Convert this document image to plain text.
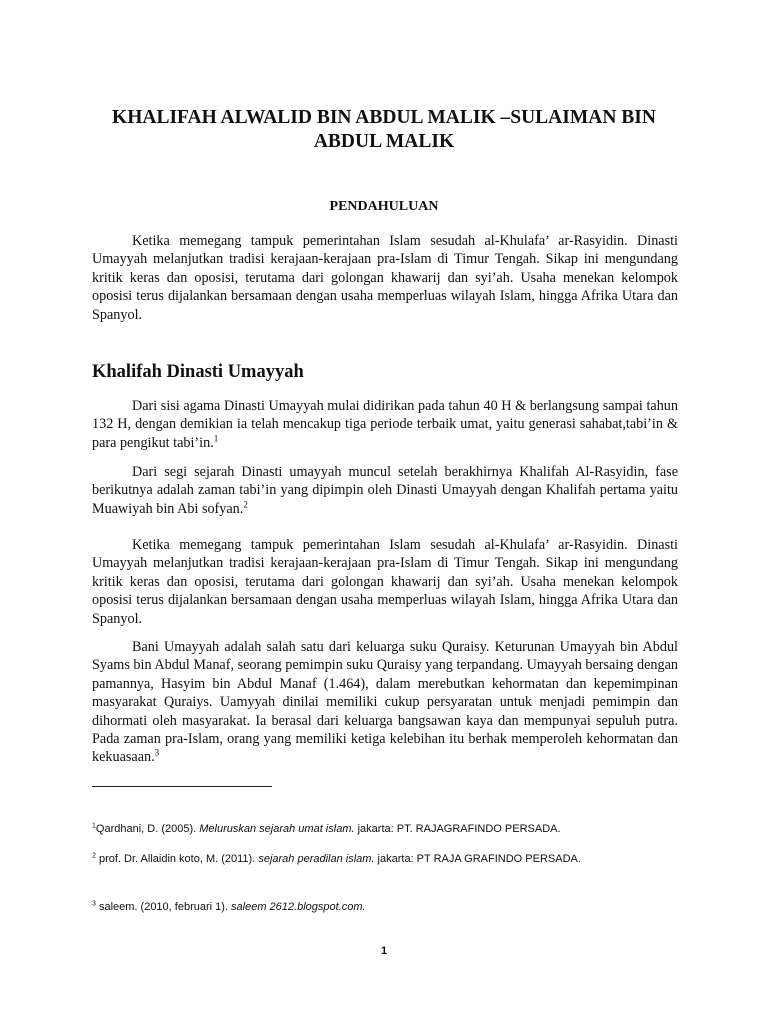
KHALIFAH ALWALID BIN ABDUL MALIK –SULAIMAN BIN ABDUL MALIK
PENDAHULUAN

Ketika memegang tampuk pemerintahan Islam sesudah al-Khulafa’ ar-Rasyidin. Dinasti Umayyah melanjutkan tradisi kerajaan-kerajaan pra-Islam di Timur Tengah. Sikap ini mengundang kritik keras dan oposisi, terutama dari golongan khawarij dan syi’ah. Usaha menekan kelompok oposisi terus dijalankan bersamaan dengan usaha memperluas wilayah Islam, hingga Afrika Utara dan Spanyol.

Khalifah Dinasti Umayyah

Dari sisi agama Dinasti Umayyah mulai didirikan pada tahun 40 H & berlangsung sampai tahun 132 H, dengan demikian ia telah mencakup tiga periode terbaik umat, yaitu generasi sahabat,tabi’in & para pengikut tabi’in.$^1$

Dari segi sejarah Dinasti umayyah muncul setelah berakhirnya Khalifah Al-Rasyidin, fase berikutnya adalah zaman tabi’in yang dipimpin oleh Dinasti Umayyah dengan Khalifah pertama yaitu Muawiyah bin Abi sofyan.$^2$

Ketika memegang tampuk pemerintahan Islam sesudah al-Khulafa’ ar-Rasyidin. Dinasti Umayyah melanjutkan tradisi kerajaan-kerajaan pra-Islam di Timur Tengah. Sikap ini mengundang kritik keras dan oposisi, terutama dari golongan khawarij dan syi’ah. Usaha menekan kelompok oposisi terus dijalankan bersamaan dengan usaha memperluas wilayah Islam, hingga Afrika Utara dan Spanyol.

Bani Umayyah adalah salah satu dari keluarga suku Quraisy. Keturunan Umayyah bin Abdul Syams bin Abdul Manaf, seorang pemimpin suku Quraisy yang terpandang. Umayyah bersaing dengan pamannya, Hasyim bin Abdul Manaf (1.464), dalam merebutkan kehormatan dan kepemimpinan masyarakat Quraiys. Uamyyah dinilai memiliki cukup persyaratan untuk menjadi pemimpin dan dihormati oleh masyarakat. Ia berasal dari keluarga bangsawan kaya dan mempunyai sepuluh putra. Pada zaman pra-Islam, orang yang memiliki ketiga kelebihan itu berhak memperoleh kehormatan dan kekuasaan.$^3$

$^1$Qardhani, D. (2005). Meluruskan sejarah umat islam. jakarta: PT. RAJAGRAFINDO PERSADA.

$^2$ prof. Dr. Allaidin koto, M. (2011). sejarah peradilan islam. jakarta: PT RAJA GRAFINDO PERSADA.

$^3$ saleem. (2010, februari 1). saleem 2612.blogspot.com.

1
